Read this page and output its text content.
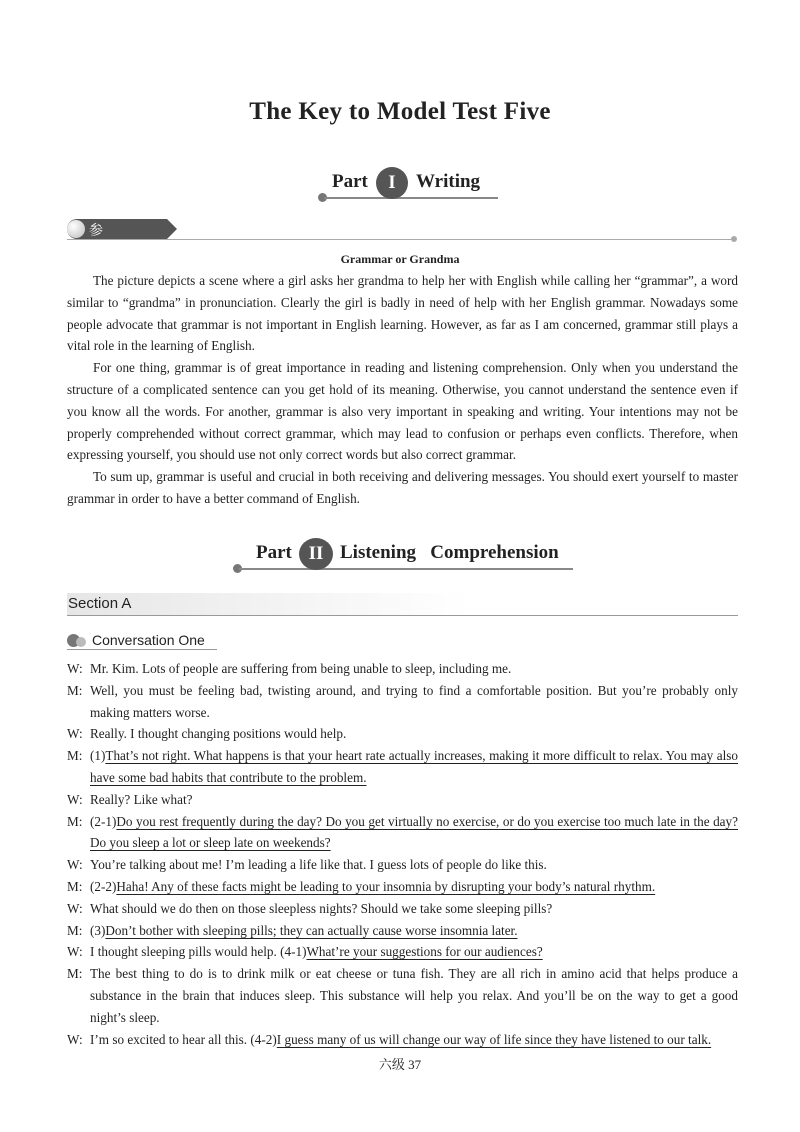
The Key to Model Test Five
Part	I	Writing
参考范文
Grammar or Grandma

The picture depicts a scene where a girl asks her grandma to help her with English while calling her “grammar”, a word similar to “grandma” in pronunciation. Clearly the girl is badly in need of help with her English grammar. Nowadays some people advocate that grammar is not important in English learning. However, as far as I am concerned, grammar still plays a vital role in the learning of English.

For one thing, grammar is of great importance in reading and listening comprehension. Only when you understand the structure of a complicated sentence can you get hold of its meaning. Otherwise, you cannot understand the sentence even if you know all the words. For another, grammar is also very important in speaking and writing. Your intentions may not be properly comprehended without correct grammar, which may lead to confusion or perhaps even conflicts. Therefore, when expressing yourself, you should use not only correct words but also correct grammar.

To sum up, grammar is useful and crucial in both receiving and delivering messages. You should exert yourself to master grammar in order to have a better command of English.

Part II Listening   Comprehension
Section A
Conversation One
W: Mr. Kim. Lots of people are suffering from being unable to sleep, including me.
M: Well, you must be feeling bad, twisting around, and trying to find a comfortable position. But you’re probably only making matters worse.
W: Really. I thought changing positions would help.
M: (1)That’s not right. What happens is that your heart rate actually increases, making it more difficult to relax. You may also have some bad habits that contribute to the problem.
W: Really? Like what?
M: (2-1)Do you rest frequently during the day? Do you get virtually no exercise, or do you exercise too much late in the day? Do you sleep a lot or sleep late on weekends?
W: You’re talking about me! I’m leading a life like that. I guess lots of people do like this.
M: (2-2)Haha! Any of these facts might be leading to your insomnia by disrupting your body’s natural rhythm.
W: What should we do then on those sleepless nights? Should we take some sleeping pills?
M: (3)Don’t bother with sleeping pills; they can actually cause worse insomnia later.
W: I thought sleeping pills would help. (4-1)What’re your suggestions for our audiences?
M: The best thing to do is to drink milk or eat cheese or tuna fish. They are all rich in amino acid that helps produce a substance in the brain that induces sleep. This substance will help you relax. And you’ll be on the way to get a good night’s sleep.
W: I’m so excited to hear all this. (4-2)I guess many of us will change our way of life since they have listened to our talk.
六级 37
